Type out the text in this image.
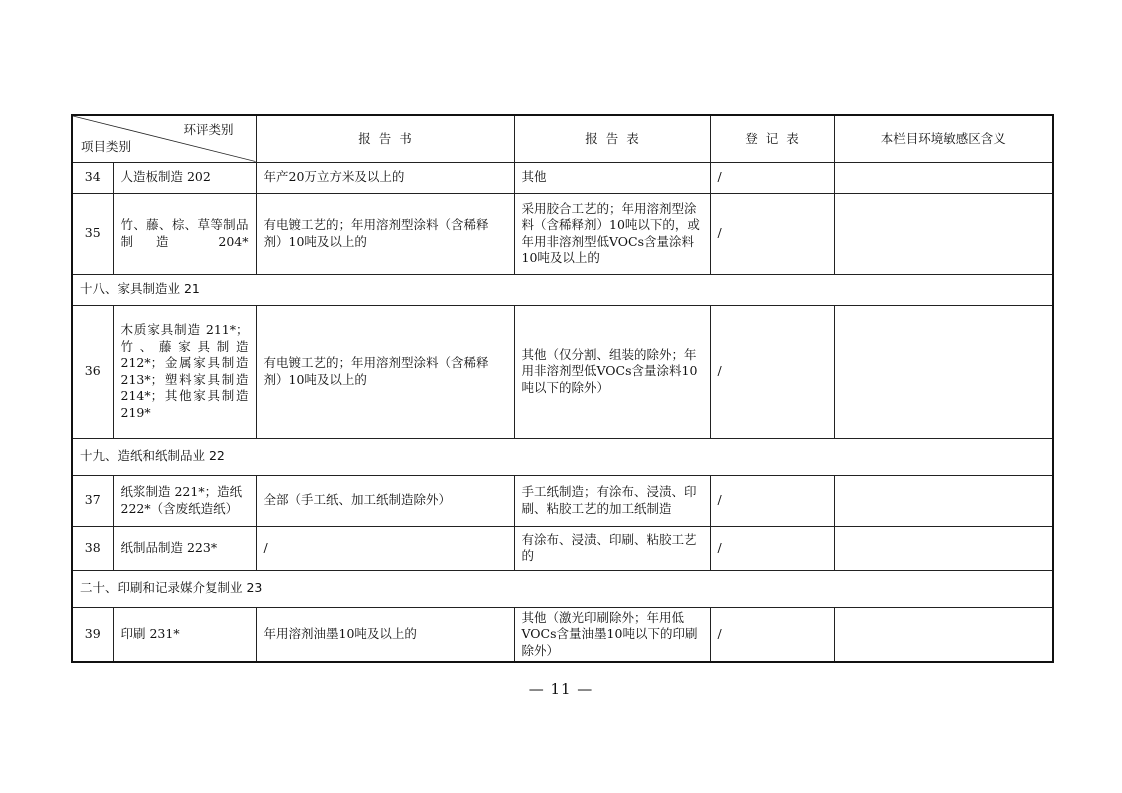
环评类别
项目类别		报  告  书	报  告  表	登  记  表	本栏目环境敏感区含义
34	人造板制造 202	年产20万立方米及以上的	其他	/	
35	竹、藤、棕、草等制品制造 204*	有电镀工艺的；年用溶剂型涂料（含稀释剂）10吨及以上的	采用胶合工艺的；年用溶剂型涂料（含稀释剂）10吨以下的，或年用非溶剂型低VOCs含量涂料10吨及以上的	/	
十八、家具制造业 21					
36	木质家具制造 211*；竹、藤家具制造212*；金属家具制造213*；塑料家具制造214*；其他家具制造219*	有电镀工艺的；年用溶剂型涂料（含稀释剂）10吨及以上的	其他（仅分割、组装的除外；年用非溶剂型低VOCs含量涂料10吨以下的除外）	/	
十九、造纸和纸制品业 22					
37	纸浆制造 221*；造纸222*（含废纸造纸）	全部（手工纸、加工纸制造除外）	手工纸制造；有涂布、浸渍、印刷、粘胶工艺的加工纸制造	/	
38	纸制品制造 223*	/	有涂布、浸渍、印刷、粘胶工艺的	/	
二十、印刷和记录媒介复制业 23					
39	印刷 231*	年用溶剂油墨10吨及以上的	其他（激光印刷除外；年用低VOCs含量油墨10吨以下的印刷除外）	/	
— 11 —
